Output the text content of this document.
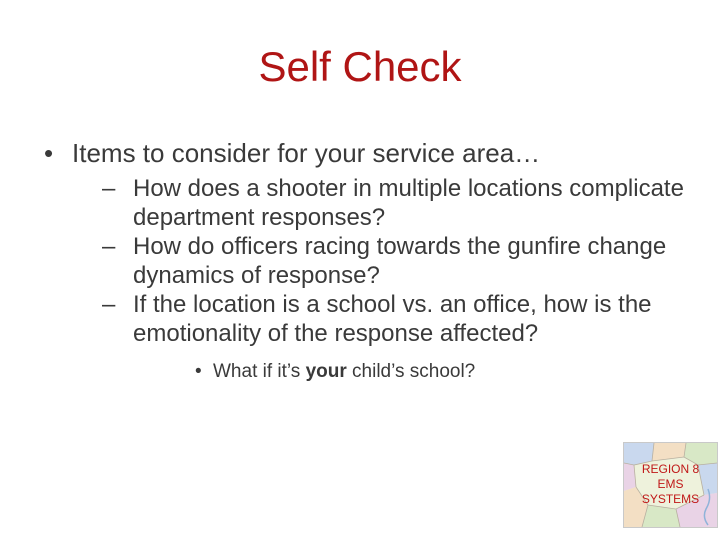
Self Check
• Items to consider for your service area…
– How does a shooter in multiple locations complicate department responses?
– How do officers racing towards the gunfire change dynamics of response?
– If the location is a school vs. an office, how is the emotionality of the response affected?
• What if it’s your child’s school?
REGION 8
EMS
SYSTEMS
